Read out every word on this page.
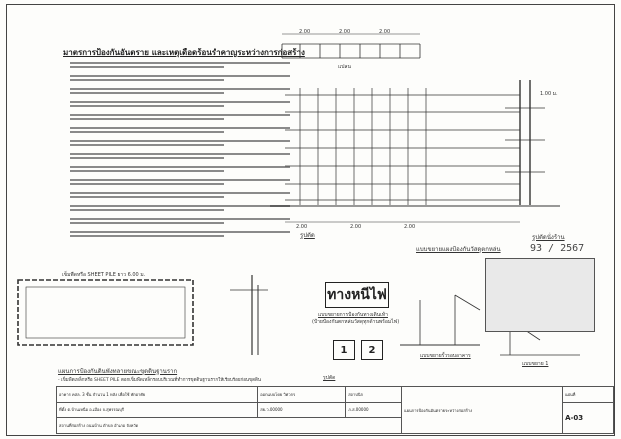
มาตรการป้องกันอันตราย และเหตุเดือดร้อนรำคาญระหว่างการก่อสร้าง
แปลน
2.00	2.00	2.00
2.00	2.00	2.00
1.00 ม.
รูปตัด
แบบขยายแผงป้องกันวัสดุตกหล่น
รูปตัดนั่งร้าน
93 / 2567
เข็มพืดหรือ SHEET PILE ยาว 6.00 ม.
แผนการป้องกันดินพังทลายขณะขุดดินฐานราก
- เข็มพืดเหล็กหรือ SHEET PILE ตอกเข็มพืดเหล็กรอบบริเวณที่ทำการขุดดินฐานรากให้เรียบร้อยก่อนขุดดิน
ทางหนีไฟ
แบบขยายการป้องกันทางเดินเท้า
(ป้ายป้องกันตกหล่นวัสดุทุกด้านพร้อมไฟ)
1	2
รูปตัด
แบบขยายรั้วรอบอาคาร
แบบขยาย 1
อาคาร คสล. 3 ชั้น จำนวน 1 หลัง เพื่อใช้ พักอาศัย	ออกแบบโดย วิศวกร	สถาปนิก	แผนการป้องกันอันตรายระหว่างก่อสร้าง	แผ่นที่
ที่ตั้ง ต.บ้านเหนือ อ.เมือง จ.สุพรรณบุรี	สย.ว.00000	ภ.ส.00000		A-03
สถานที่ก่อสร้าง ถนนบ้าน ตำบล อำเภอ จังหวัด				
